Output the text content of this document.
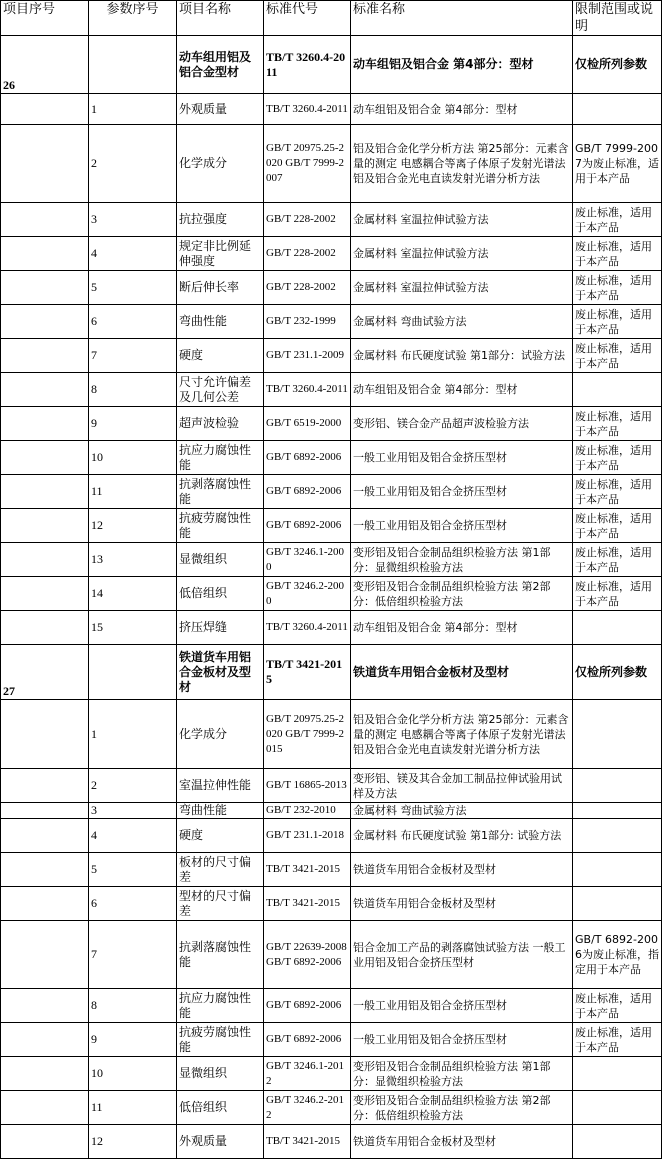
项目序号	参数序号	项目名称	标准代号	标准名称	限制范围或说明
26		动车组用铝及铝合金型材	TB/T 3260.4-2011	动车组铝及铝合金 第4部分：型材	仅检所列参数
	1	外观质量	TB/T 3260.4-2011	动车组铝及铝合金 第4部分：型材	
	2	化学成分	GB/T 20975.25-2020 GB/T 7999-2007	铝及铝合金化学分析方法 第25部分：元素含量的测定 电感耦合等离子体原子发射光谱法 铝及铝合金光电直读发射光谱分析方法	GB/T 7999-2007为废止标准，适用于本产品
	3	抗拉强度	GB/T 228-2002	金属材料 室温拉伸试验方法	废止标准，适用于本产品
	4	规定非比例延伸强度	GB/T 228-2002	金属材料 室温拉伸试验方法	废止标准，适用于本产品
	5	断后伸长率	GB/T 228-2002	金属材料 室温拉伸试验方法	废止标准，适用于本产品
	6	弯曲性能	GB/T 232-1999	金属材料 弯曲试验方法	废止标准，适用于本产品
	7	硬度	GB/T 231.1-2009	金属材料 布氏硬度试验 第1部分：试验方法	废止标准，适用于本产品
	8	尺寸允许偏差及几何公差	TB/T 3260.4-2011	动车组铝及铝合金 第4部分：型材	
	9	超声波检验	GB/T 6519-2000	变形铝、镁合金产品超声波检验方法	废止标准，适用于本产品
	10	抗应力腐蚀性能	GB/T 6892-2006	一般工业用铝及铝合金挤压型材	废止标准，适用于本产品
	11	抗剥落腐蚀性能	GB/T 6892-2006	一般工业用铝及铝合金挤压型材	废止标准，适用于本产品
	12	抗疲劳腐蚀性能	GB/T 6892-2006	一般工业用铝及铝合金挤压型材	废止标准，适用于本产品
	13	显微组织	GB/T 3246.1-2000	变形铝及铝合金制品组织检验方法 第1部分：显微组织检验方法	废止标准，适用于本产品
	14	低倍组织	GB/T 3246.2-2000	变形铝及铝合金制品组织检验方法 第2部分：低倍组织检验方法	废止标准，适用于本产品
	15	挤压焊缝	TB/T 3260.4-2011	动车组铝及铝合金 第4部分：型材	
27		铁道货车用铝合金板材及型材	TB/T 3421-2015	铁道货车用铝合金板材及型材	仅检所列参数
	1	化学成分	GB/T 20975.25-2020 GB/T 7999-2015	铝及铝合金化学分析方法 第25部分：元素含量的测定 电感耦合等离子体原子发射光谱法 铝及铝合金光电直读发射光谱分析方法	
	2	室温拉伸性能	GB/T 16865-2013	变形铝、镁及其合金加工制品拉伸试验用试样及方法	
	3	弯曲性能	GB/T 232-2010	金属材料 弯曲试验方法	
	4	硬度	GB/T 231.1-2018	金属材料 布氏硬度试验 第1部分: 试验方法	
	5	板材的尺寸偏差	TB/T 3421-2015	铁道货车用铝合金板材及型材	
	6	型材的尺寸偏差	TB/T 3421-2015	铁道货车用铝合金板材及型材	
	7	抗剥落腐蚀性能	GB/T 22639-2008 GB/T 6892-2006	铝合金加工产品的剥落腐蚀试验方法 一般工业用铝及铝合金挤压型材	GB/T 6892-2006为废止标准，指定用于本产品
	8	抗应力腐蚀性能	GB/T 6892-2006	一般工业用铝及铝合金挤压型材	废止标准，适用于本产品
	9	抗疲劳腐蚀性能	GB/T 6892-2006	一般工业用铝及铝合金挤压型材	废止标准，适用于本产品
	10	显微组织	GB/T 3246.1-2012	变形铝及铝合金制品组织检验方法 第1部分：显微组织检验方法	
	11	低倍组织	GB/T 3246.2-2012	变形铝及铝合金制品组织检验方法 第2部分：低倍组织检验方法	
	12	外观质量	TB/T 3421-2015	铁道货车用铝合金板材及型材	
